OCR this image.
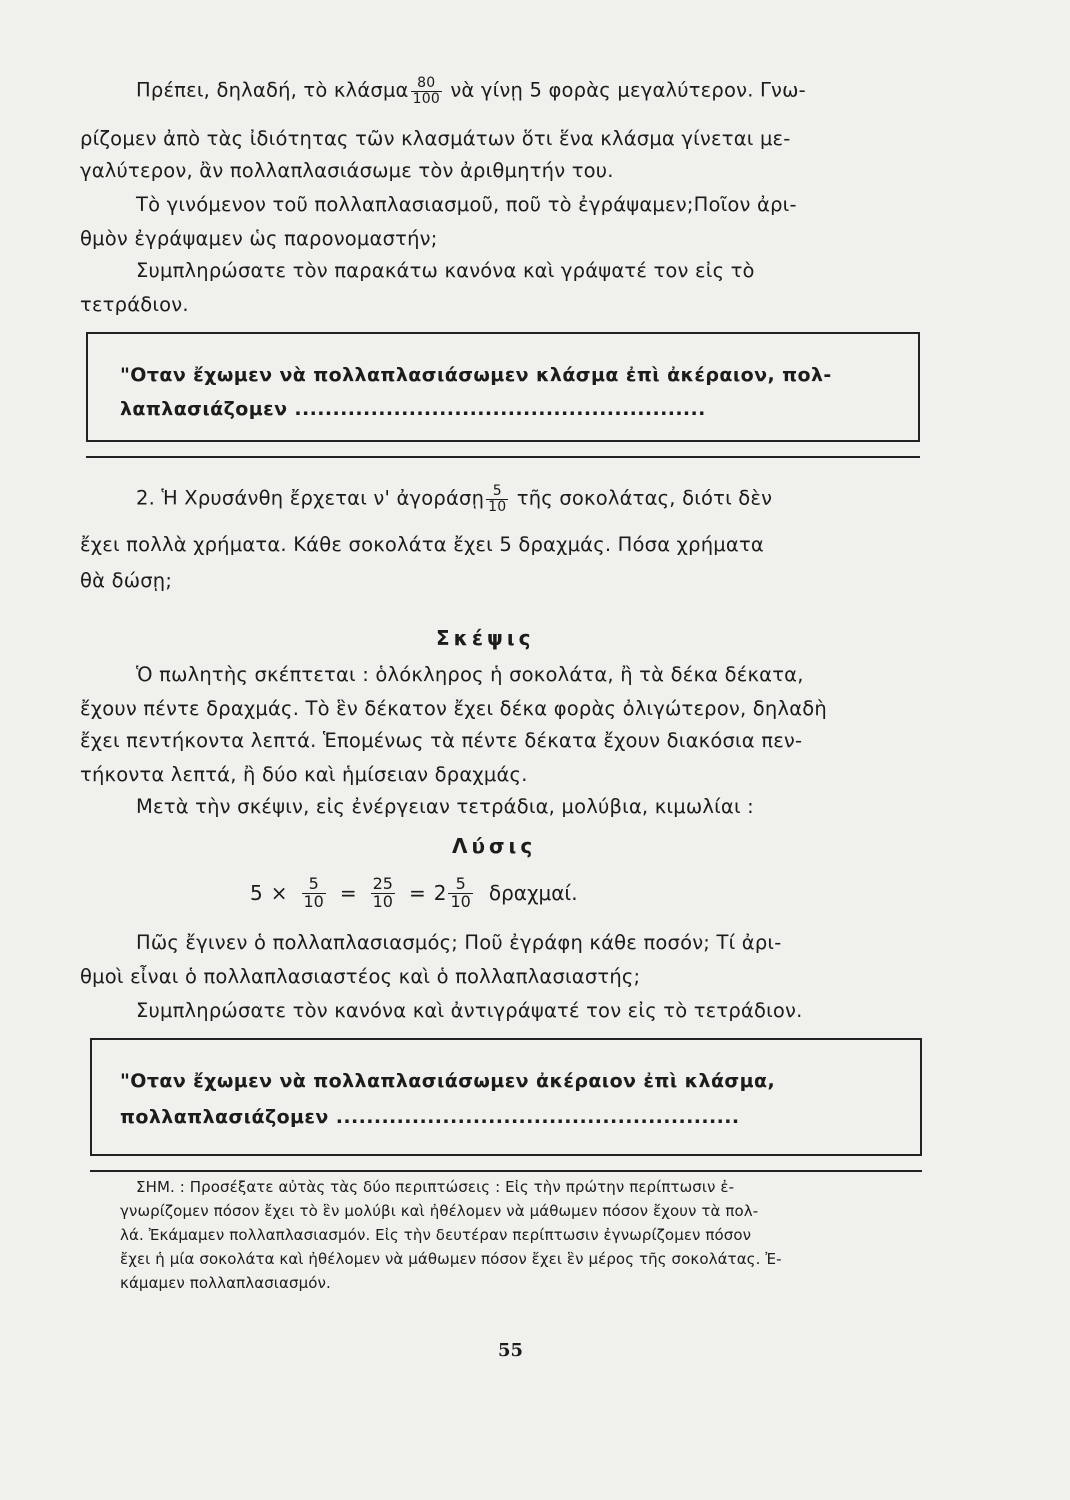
Πρέπει, δηλαδή, τὸ κλάσμα $\frac{80}{100}$ νὰ γίνῃ 5 φορὰς μεγαλύτερον. Γνω-
ρίζομεν ἀπὸ τὰς ἰδιότητας τῶν κλασμάτων ὅτι ἕνα κλάσμα γίνεται με-
γαλύτερον, ἂν πολλαπλασιάσωμε τὸν ἀριθμητήν του.
Τὸ γινόμενον τοῦ πολλαπλασιασμοῦ, ποῦ τὸ ἐγράψαμεν;Ποῖον ἀρι-
θμὸν ἐγράψαμεν ὡς παρονομαστήν;
Συμπληρώσατε τὸν παρακάτω κανόνα καὶ γράψατέ τον εἰς τὸ
τετράδιον.
"Οταν ἔχωμεν νὰ πολλαπλασιάσωμεν κλάσμα ἐπὶ ἀκέραιον, πολ-
λαπλασιάζομεν ......................................................
2. Ἡ Χρυσάνθη ἔρχεται ν' ἀγοράσῃ $\frac{5}{10}$ τῆς σοκολάτας, διότι δὲν
ἔχει πολλὰ χρήματα. Κάθε σοκολάτα ἔχει 5 δραχμάς. Πόσα χρήματα
θὰ δώσῃ;
Σκέψις
Ὁ πωλητὴς σκέπτεται : ὁλόκληρος ἡ σοκολάτα, ἢ τὰ δέκα δέκατα,
ἔχουν πέντε δραχμάς. Τὸ ἓν δέκατον ἔχει δέκα φορὰς ὀλιγώτερον, δηλαδὴ
ἔχει πεντήκοντα λεπτά. Ἑπομένως τὰ πέντε δέκατα ἔχουν διακόσια πεν-
τήκοντα λεπτά, ἢ δύο καὶ ἡμίσειαν δραχμάς.
Μετὰ τὴν σκέψιν, εἰς ἐνέργειαν τετράδια, μολύβια, κιμωλίαι :
Λύσις
$5 \times \frac{5}{10} = \frac{25}{10} = 2 \frac{5}{10} \delta\rho\alpha\chi\mu\alpha ί$.
Πῶς ἔγινεν ὁ πολλαπλασιασμός; Ποῦ ἐγράφη κάθε ποσόν; Τί ἀρι-
θμοὶ εἶναι ὁ πολλαπλασιαστέος καὶ ὁ πολλαπλασιαστής;
Συμπληρώσατε τὸν κανόνα καὶ ἀντιγράψατέ τον εἰς τὸ τετράδιον.
"Οταν ἔχωμεν νὰ πολλαπλασιάσωμεν ἀκέραιον ἐπὶ κλάσμα,
πολλαπλασιάζομεν .....................................................
ΣΗΜ. : Προσέξατε αὐτὰς τὰς δύο περιπτώσεις : Εἰς τὴν πρώτην περίπτωσιν ἐ-
γνωρίζομεν πόσον ἔχει τὸ ἓν μολύβι καὶ ἠθέλομεν νὰ μάθωμεν πόσον ἔχουν τὰ πολ-
λά. Ἐκάμαμεν πολλαπλασιασμόν. Εἰς τὴν δευτέραν περίπτωσιν ἐγνωρίζομεν πόσον
ἔχει ἡ μία σοκολάτα καὶ ἠθέλομεν νὰ μάθωμεν πόσον ἔχει ἓν μέρος τῆς σοκολάτας. Ἐ-
κάμαμεν πολλαπλασιασμόν.
55
